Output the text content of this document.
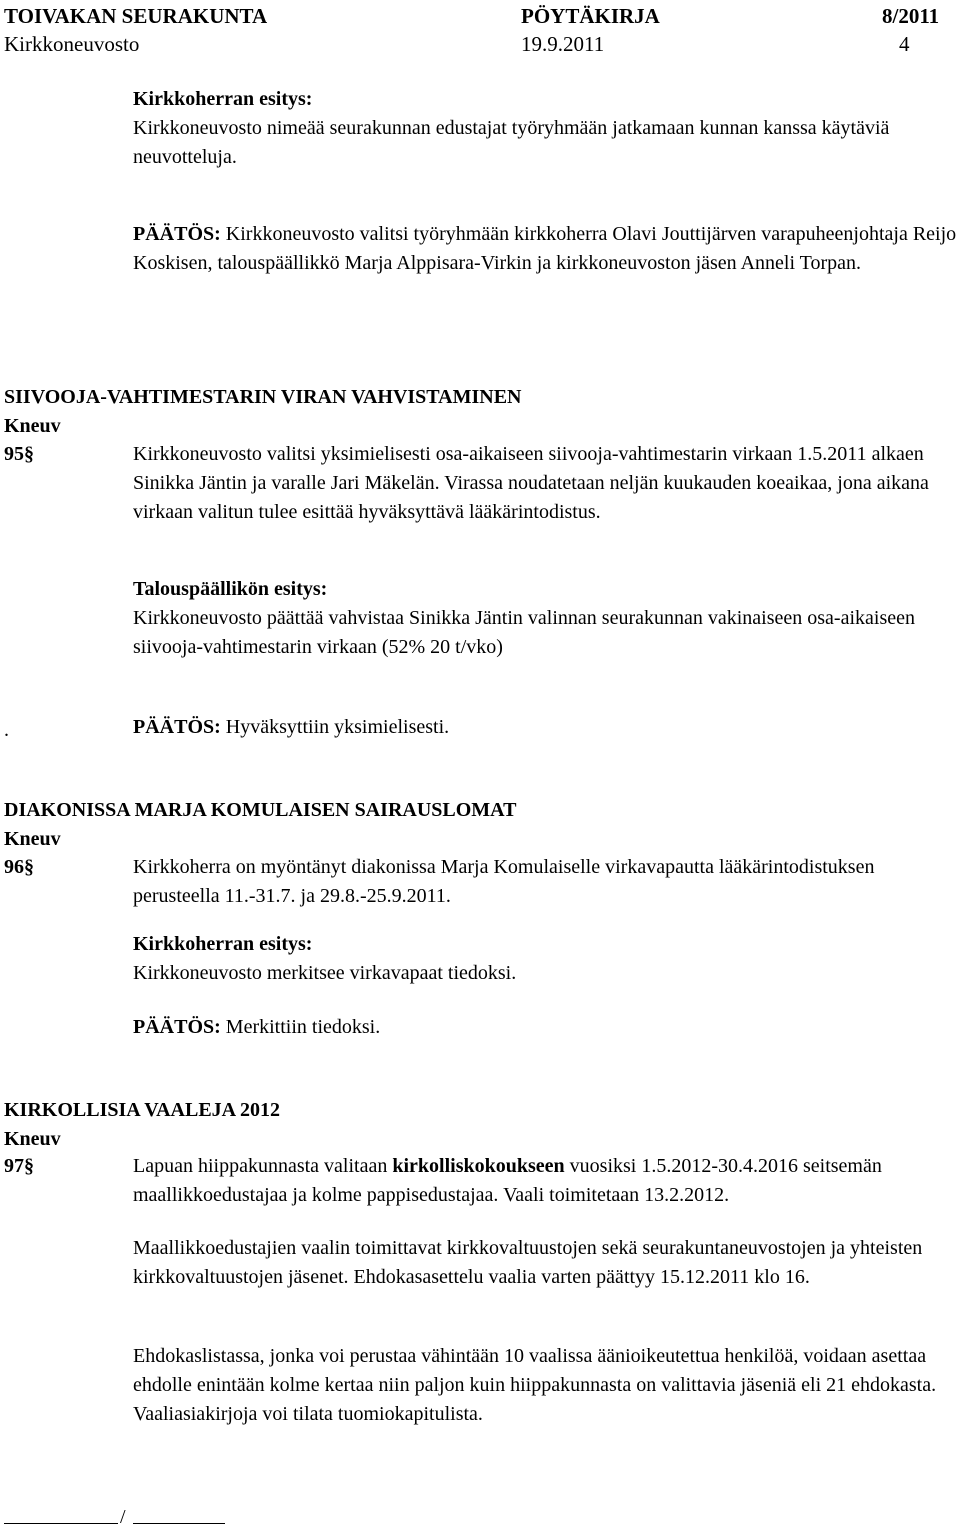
TOIVAKAN SEURAKUNTA	PÖYTÄKIRJA	8/2011
Kirkkoneuvosto	19.9.2011	4
Kirkkoherran esitys:

Kirkkoneuvosto nimeää seurakunnan edustajat työryhmään jatkamaan kunnan kanssa käytäviä neuvotteluja.

PÄÄTÖS: Kirkkoneuvosto valitsi työryhmään kirkkoherra Olavi Jouttijärven varapuheenjohtaja Reijo Koskisen, talouspäällikkö Marja Alppisara-Virkin ja kirkkoneuvoston jäsen Anneli Torpan.

SIIVOOJA-VAHTIMESTARIN VIRAN VAHVISTAMINEN
Kneuv
95§	Kirkkoneuvosto valitsi yksimielisesti osa-aikaiseen siivooja-vahtimestarin virkaan 1.5.2011 alkaen Sinikka Jäntin ja varalle Jari Mäkelän. Virassa noudatetaan neljän kuukauden koeaikaa, jona aikana virkaan valitun tulee esittää hyväksyttävä lääkärintodistus.

Talouspäällikön esitys:

Kirkkoneuvosto päättää vahvistaa Sinikka Jäntin valinnan seurakunnan vakinaiseen osa-aikaiseen siivooja-vahtimestarin virkaan (52% 20 t/vko)

.	PÄÄTÖS: Hyväksyttiin yksimielisesti.

DIAKONISSA MARJA KOMULAISEN SAIRAUSLOMAT
Kneuv
96§	Kirkkoherra on myöntänyt diakonissa Marja Komulaiselle virkavapautta lääkärintodistuksen perusteella 11.-31.7. ja 29.8.-25.9.2011.

Kirkkoherran esitys:

Kirkkoneuvosto merkitsee virkavapaat tiedoksi.

PÄÄTÖS: Merkittiin tiedoksi.

KIRKOLLISIA VAALEJA 2012
Kneuv
97§	Lapuan hiippakunnasta valitaan kirkolliskokoukseen vuosiksi 1.5.2012-30.4.2016 seitsemän maallikkoedustajaa ja kolme pappisedustajaa. Vaali toimitetaan 13.2.2012.

Maallikkoedustajien vaalin toimittavat kirkkovaltuustojen sekä seurakuntaneuvostojen ja yhteisten kirkkovaltuustojen jäsenet. Ehdokasasettelu vaalia varten päättyy 15.12.2011 klo 16.

Ehdokaslistassa, jonka voi perustaa vähintään 10 vaalissa äänioikeutettua henkilöä, voidaan asettaa ehdolle enintään kolme kertaa niin paljon kuin hiippakunnasta on valittavia jäseniä eli 21 ehdokasta. Vaaliasiakirjoja voi tilata tuomiokapitulista.

/
